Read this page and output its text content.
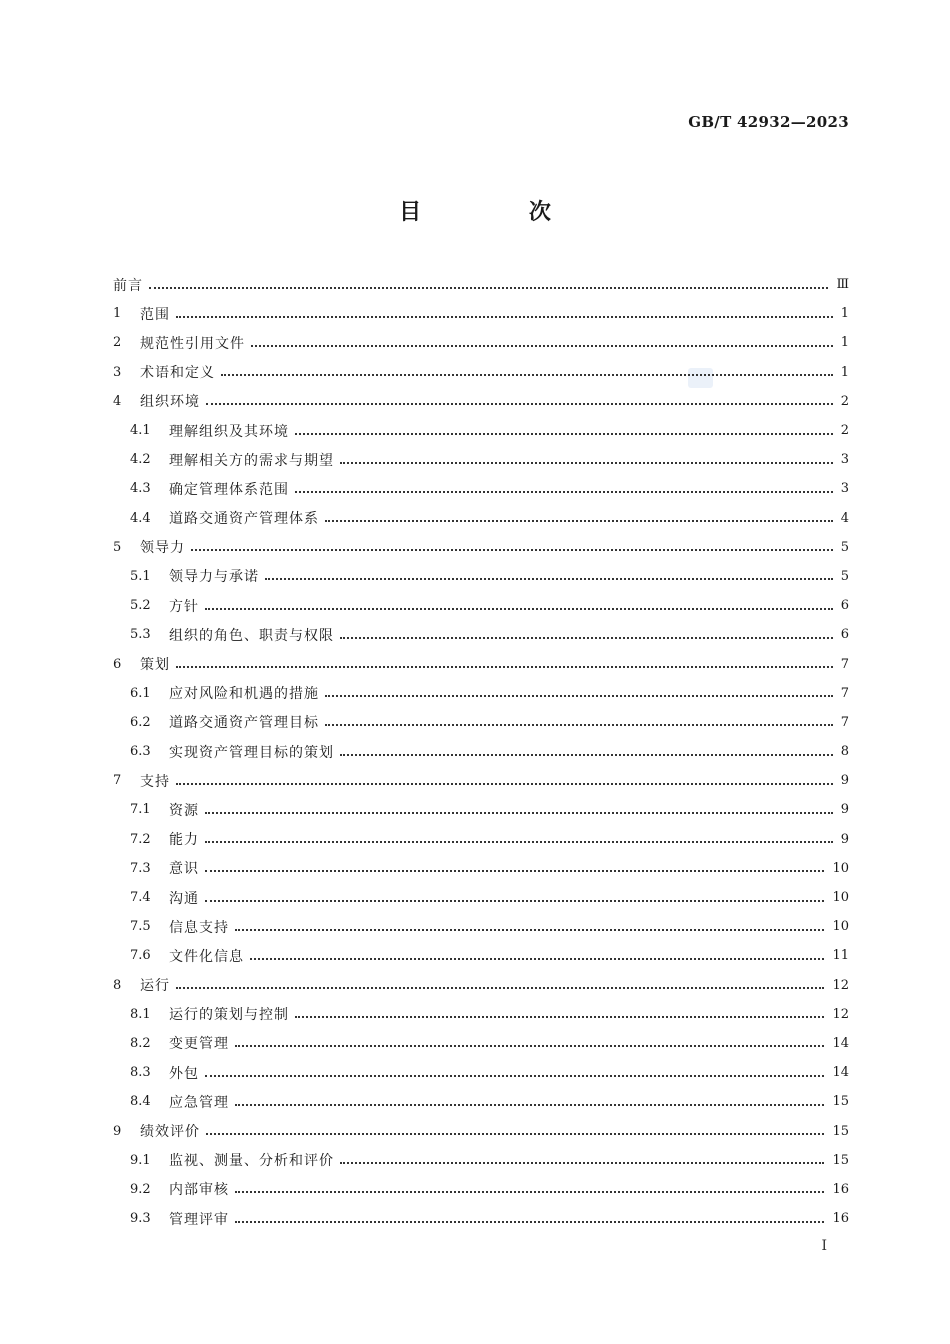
GB/T 42932—2023
目 次
前言	Ⅲ
1	范围	1
2	规范性引用文件	1
3	术语和定义	1
4	组织环境	2
4.1	理解组织及其环境	2
4.2	理解相关方的需求与期望	3
4.3	确定管理体系范围	3
4.4	道路交通资产管理体系	4
5	领导力	5
5.1	领导力与承诺	5
5.2	方针	6
5.3	组织的角色、职责与权限	6
6	策划	7
6.1	应对风险和机遇的措施	7
6.2	道路交通资产管理目标	7
6.3	实现资产管理目标的策划	8
7	支持	9
7.1	资源	9
7.2	能力	9
7.3	意识	10
7.4	沟通	10
7.5	信息支持	10
7.6	文件化信息	11
8	运行	12
8.1	运行的策划与控制	12
8.2	变更管理	14
8.3	外包	14
8.4	应急管理	15
9	绩效评价	15
9.1	监视、测量、分析和评价	15
9.2	内部审核	16
9.3	管理评审	16
I
